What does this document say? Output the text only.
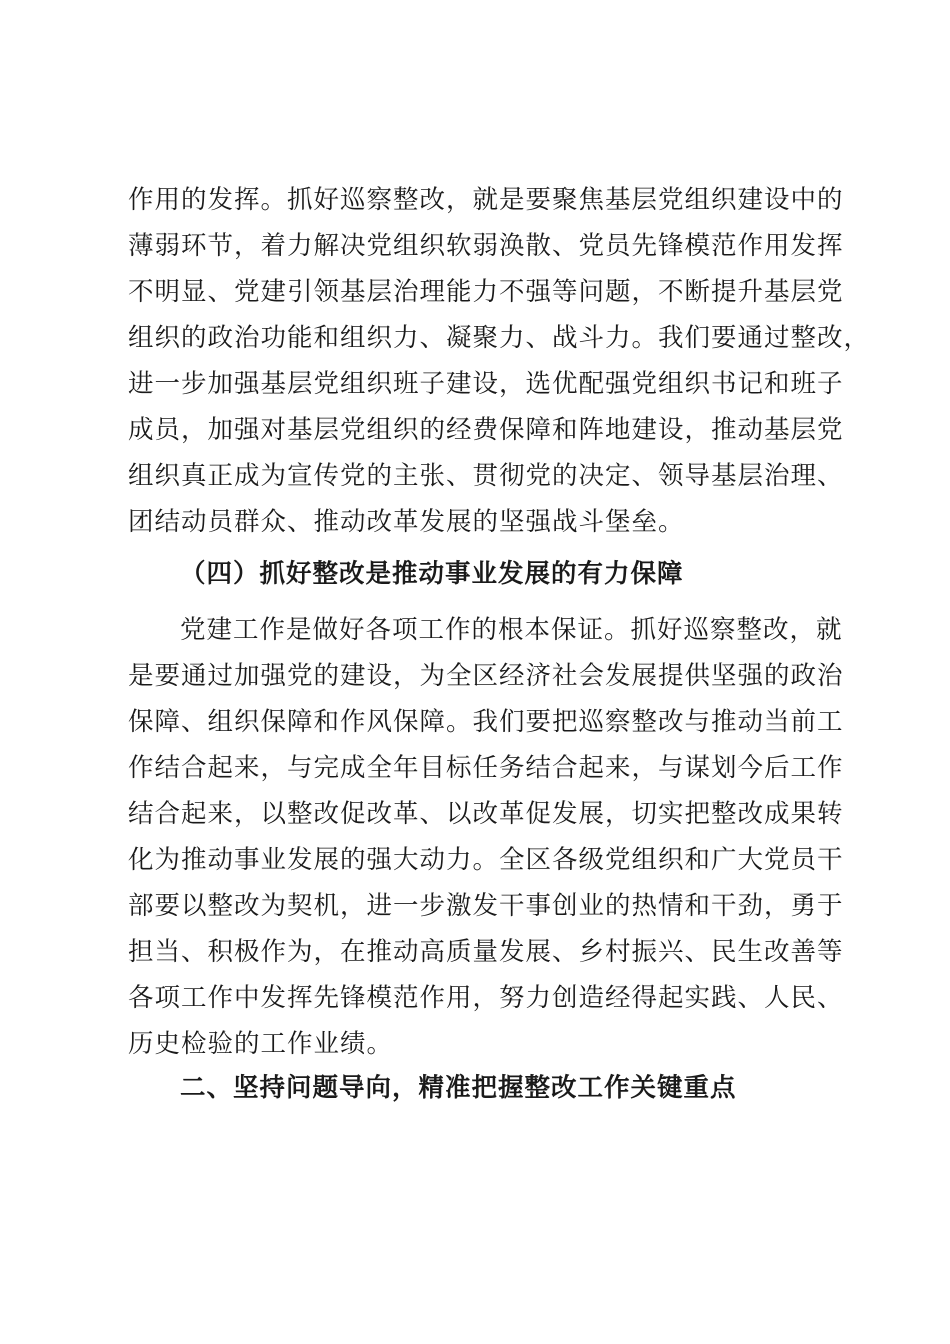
作用的发挥。抓好巡察整改，就是要聚焦基层党组织建设中的
薄弱环节，着力解决党组织软弱涣散、党员先锋模范作用发挥
不明显、党建引领基层治理能力不强等问题，不断提升基层党
组织的政治功能和组织力、凝聚力、战斗力。我们要通过整改，
进一步加强基层党组织班子建设，选优配强党组织书记和班子
成员，加强对基层党组织的经费保障和阵地建设，推动基层党
组织真正成为宣传党的主张、贯彻党的决定、领导基层治理、
团结动员群众、推动改革发展的坚强战斗堡垒。
（四）抓好整改是推动事业发展的有力保障
党建工作是做好各项工作的根本保证。抓好巡察整改，就
是要通过加强党的建设，为全区经济社会发展提供坚强的政治
保障、组织保障和作风保障。我们要把巡察整改与推动当前工
作结合起来，与完成全年目标任务结合起来，与谋划今后工作
结合起来，以整改促改革、以改革促发展，切实把整改成果转
化为推动事业发展的强大动力。全区各级党组织和广大党员干
部要以整改为契机，进一步激发干事创业的热情和干劲，勇于
担当、积极作为，在推动高质量发展、乡村振兴、民生改善等
各项工作中发挥先锋模范作用，努力创造经得起实践、人民、
历史检验的工作业绩。
二、坚持问题导向，精准把握整改工作关键重点
